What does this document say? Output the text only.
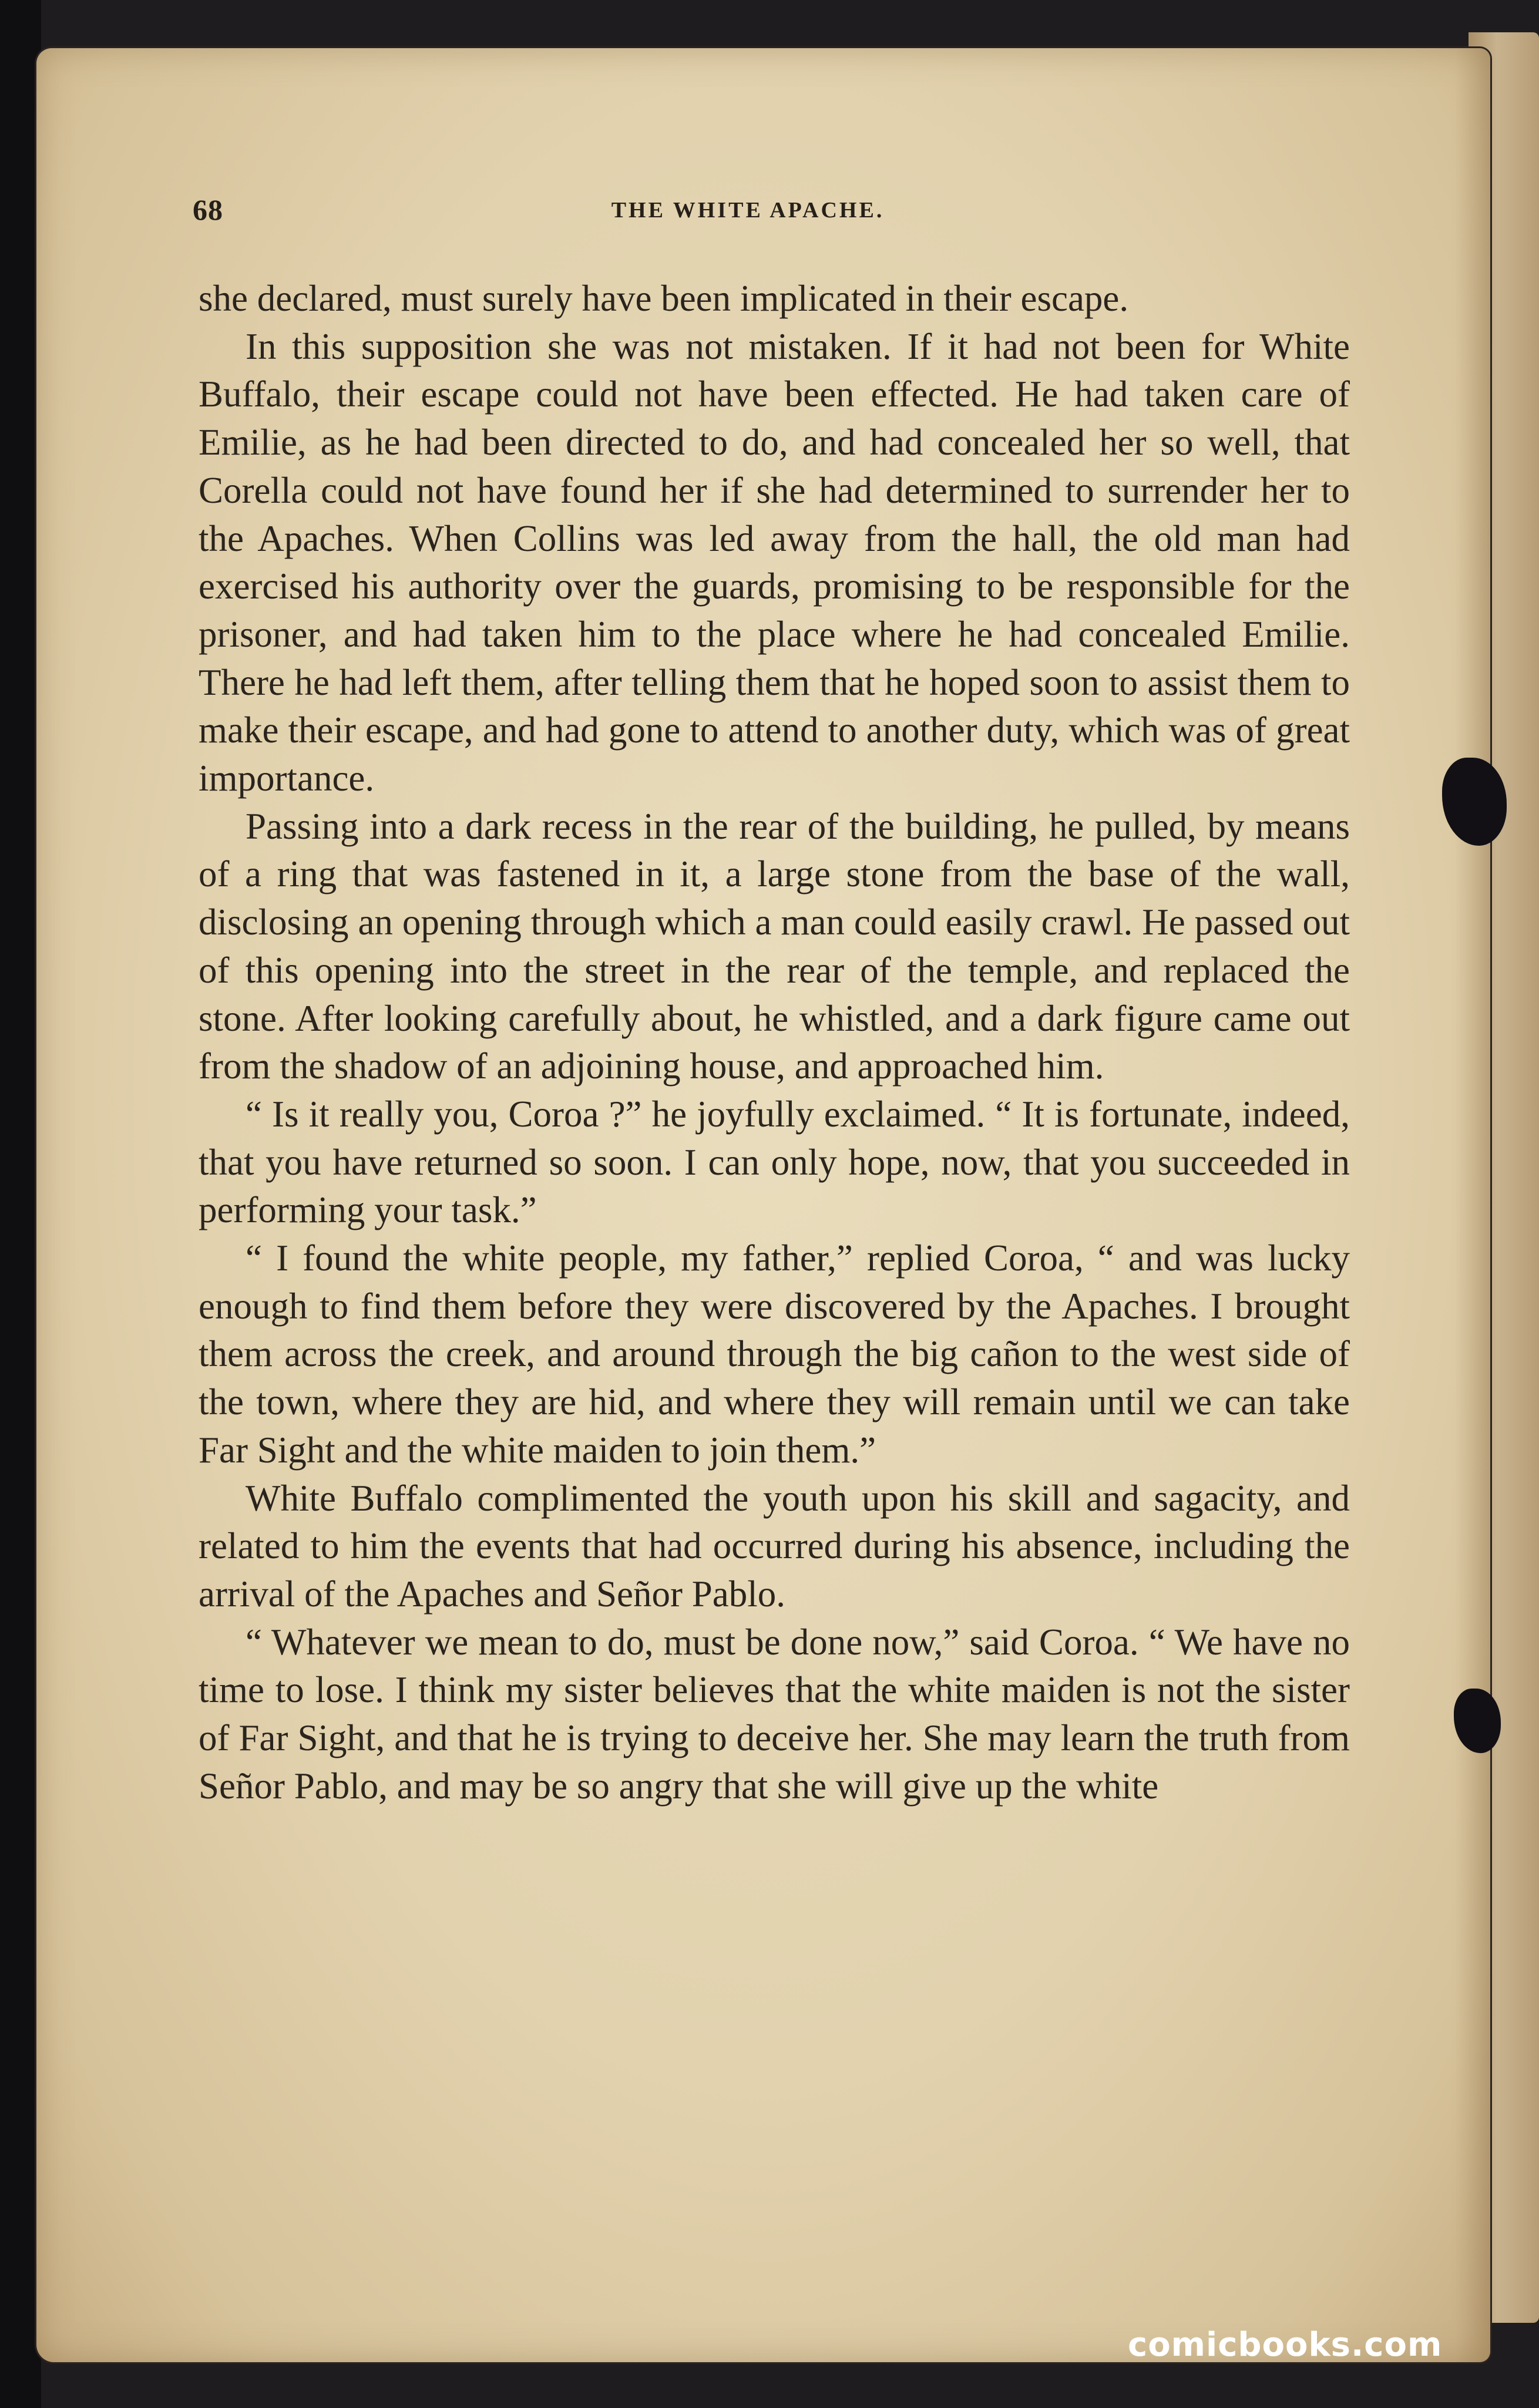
68	THE WHITE APACHE.

she declared, must surely have been implicated in their escape.

In this supposition she was not mistaken. If it had not been for White Buffalo, their escape could not have been effected. He had taken care of Emilie, as he had been directed to do, and had concealed her so well, that Corella could not have found her if she had determined to surrender her to the Apaches. When Collins was led away from the hall, the old man had exercised his authority over the guards, promising to be responsible for the prisoner, and had taken him to the place where he had concealed Emilie. There he had left them, after telling them that he hoped soon to assist them to make their escape, and had gone to attend to another duty, which was of great importance.

Passing into a dark recess in the rear of the building, he pulled, by means of a ring that was fastened in it, a large stone from the base of the wall, disclosing an opening through which a man could easily crawl. He passed out of this opening into the street in the rear of the temple, and replaced the stone. After looking carefully about, he whistled, and a dark figure came out from the shadow of an adjoining house, and approached him.

“ Is it really you, Coroa ?” he joyfully exclaimed. “ It is fortunate, indeed, that you have returned so soon. I can only hope, now, that you succeeded in performing your task.”

“ I found the white people, my father,” replied Coroa, “ and was lucky enough to find them before they were discovered by the Apaches. I brought them across the creek, and around through the big cañon to the west side of the town, where they are hid, and where they will remain until we can take Far Sight and the white maiden to join them.”

White Buffalo complimented the youth upon his skill and sagacity, and related to him the events that had occurred during his absence, including the arrival of the Apaches and Señor Pablo.

“ Whatever we mean to do, must be done now,” said Coroa. “ We have no time to lose. I think my sister believes that the white maiden is not the sister of Far Sight, and that he is trying to deceive her. She may learn the truth from Señor Pablo, and may be so angry that she will give up the white

comicbooks.com
